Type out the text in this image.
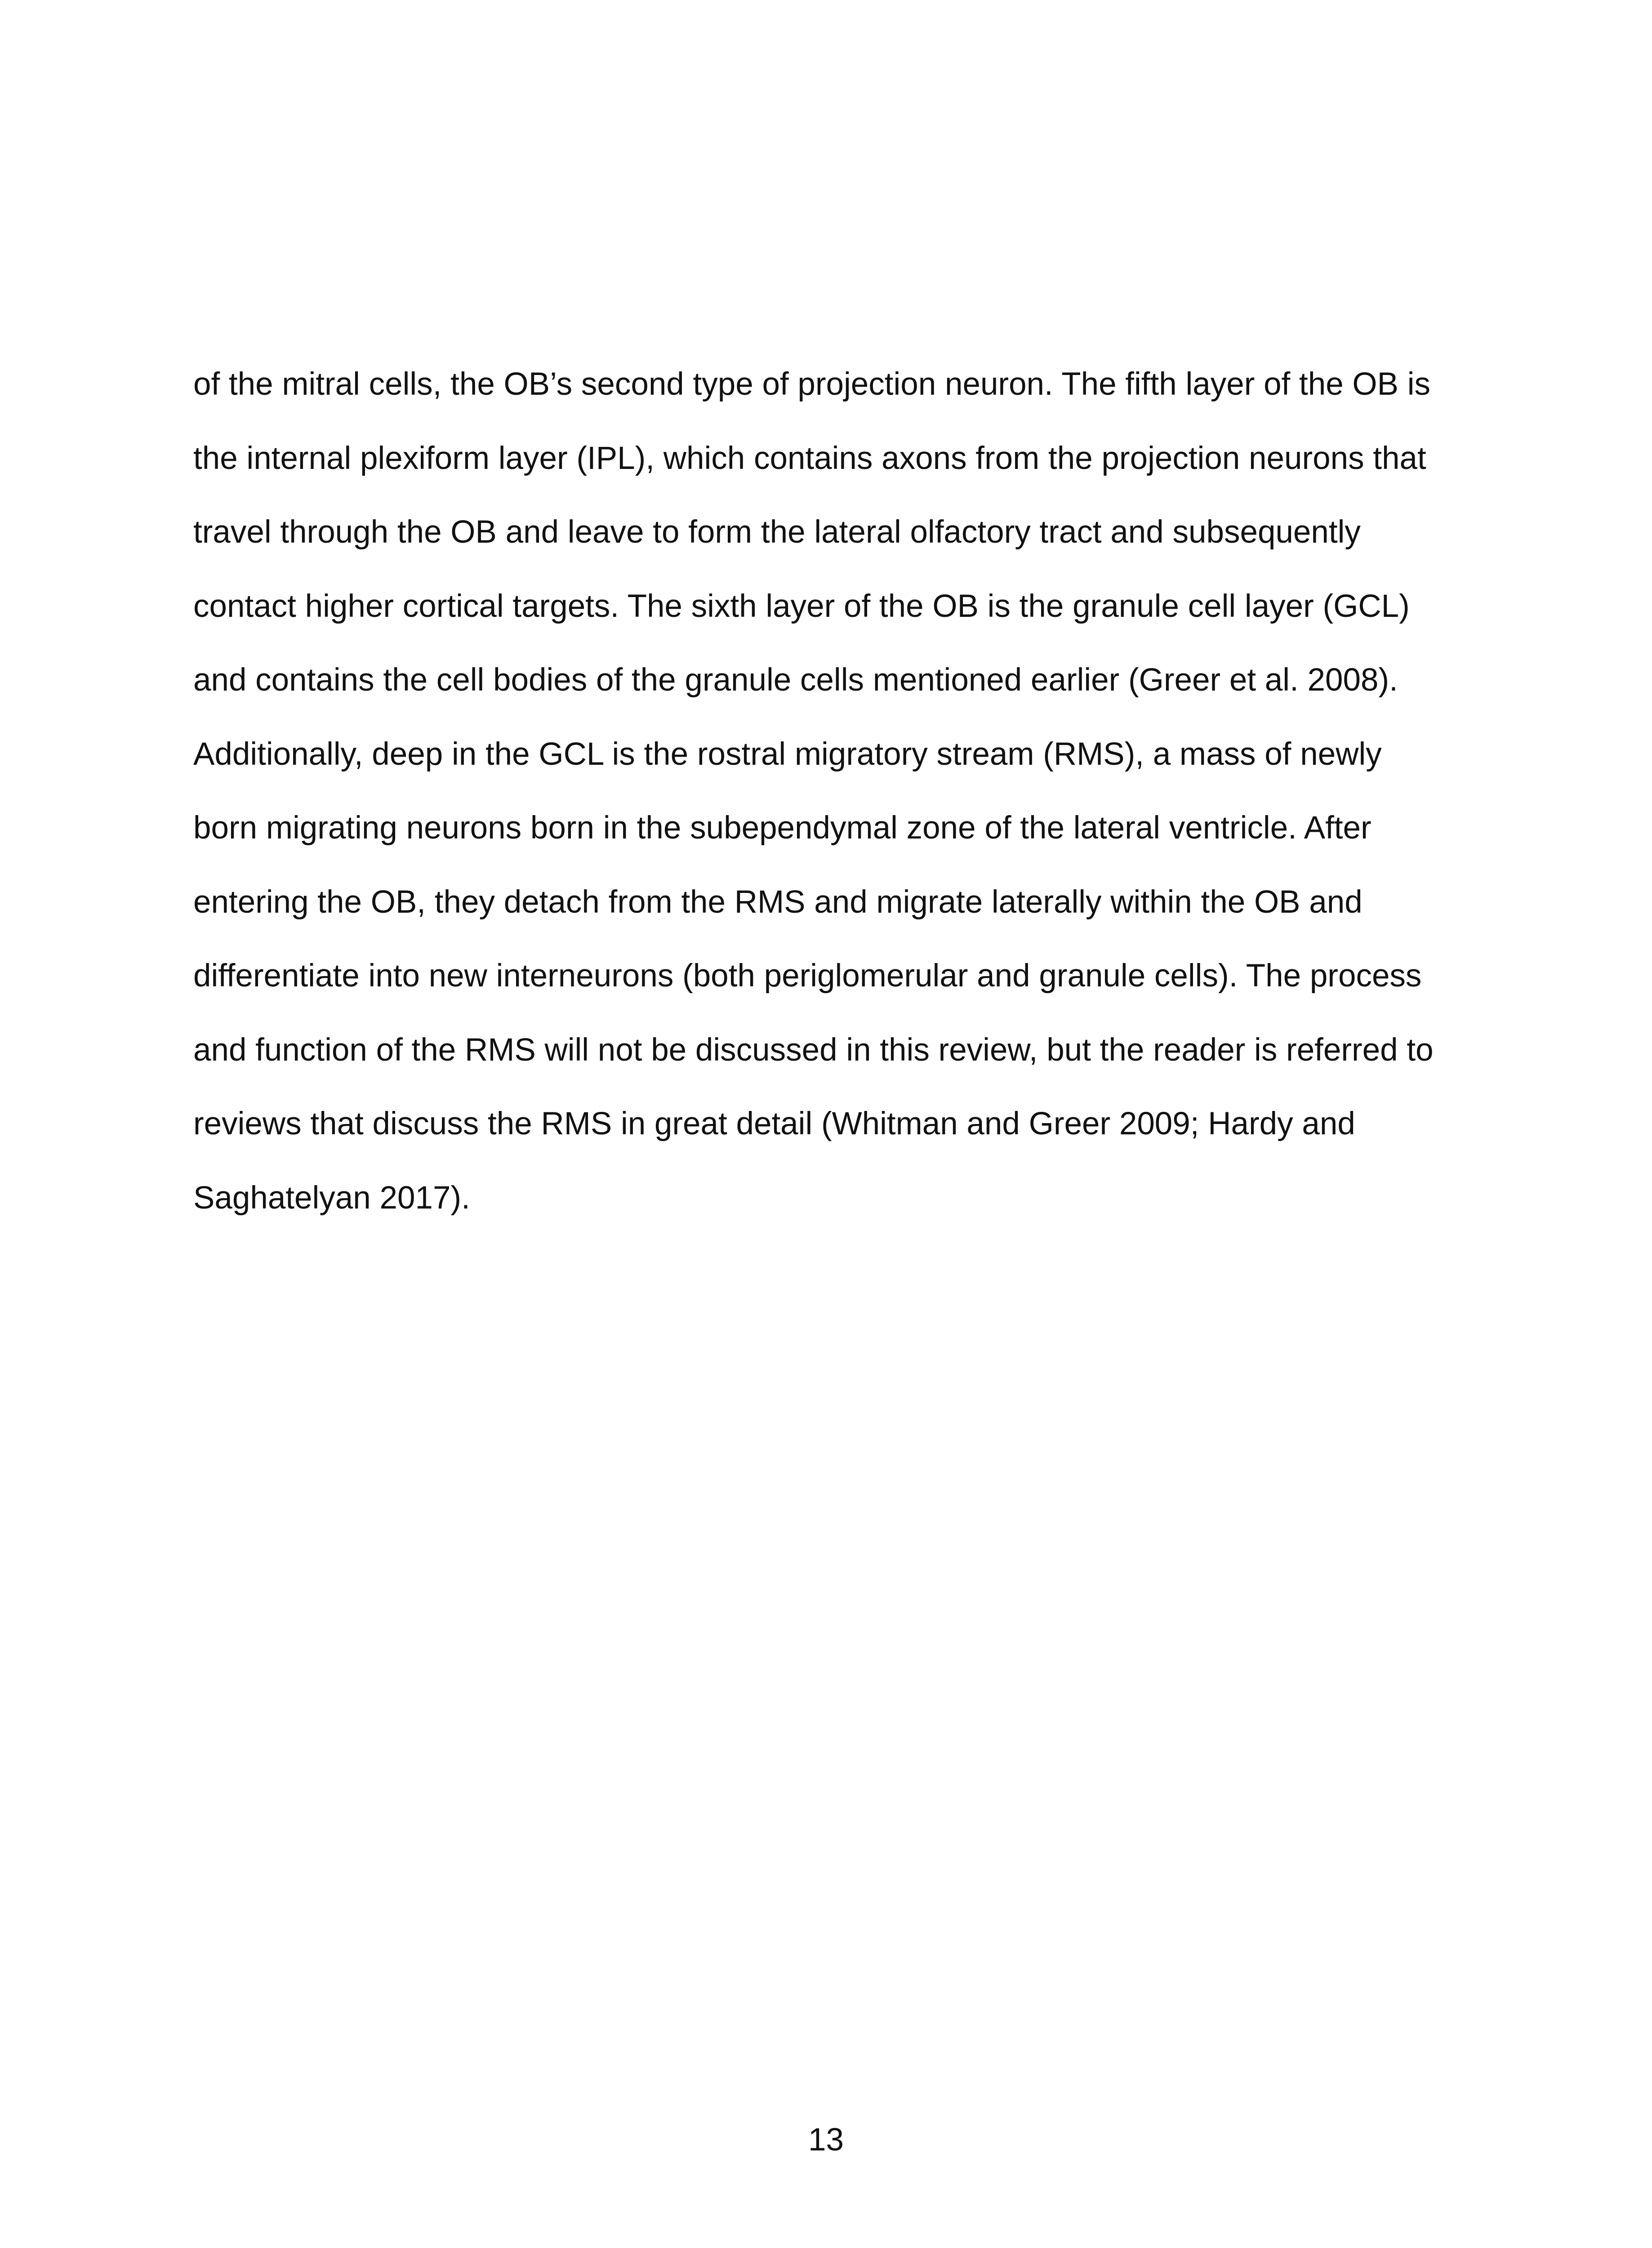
of the mitral cells, the OB’s second type of projection neuron. The fifth layer of the OB is
the internal plexiform layer (IPL), which contains axons from the projection neurons that
travel through the OB and leave to form the lateral olfactory tract and subsequently
contact higher cortical targets. The sixth layer of the OB is the granule cell layer (GCL)
and contains the cell bodies of the granule cells mentioned earlier (Greer et al. 2008).
Additionally, deep in the GCL is the rostral migratory stream (RMS), a mass of newly
born migrating neurons born in the subependymal zone of the lateral ventricle. After
entering the OB, they detach from the RMS and migrate laterally within the OB and
differentiate into new interneurons (both periglomerular and granule cells). The process
and function of the RMS will not be discussed in this review, but the reader is referred to
reviews that discuss the RMS in great detail (Whitman and Greer 2009; Hardy and
Saghatelyan 2017).
13
